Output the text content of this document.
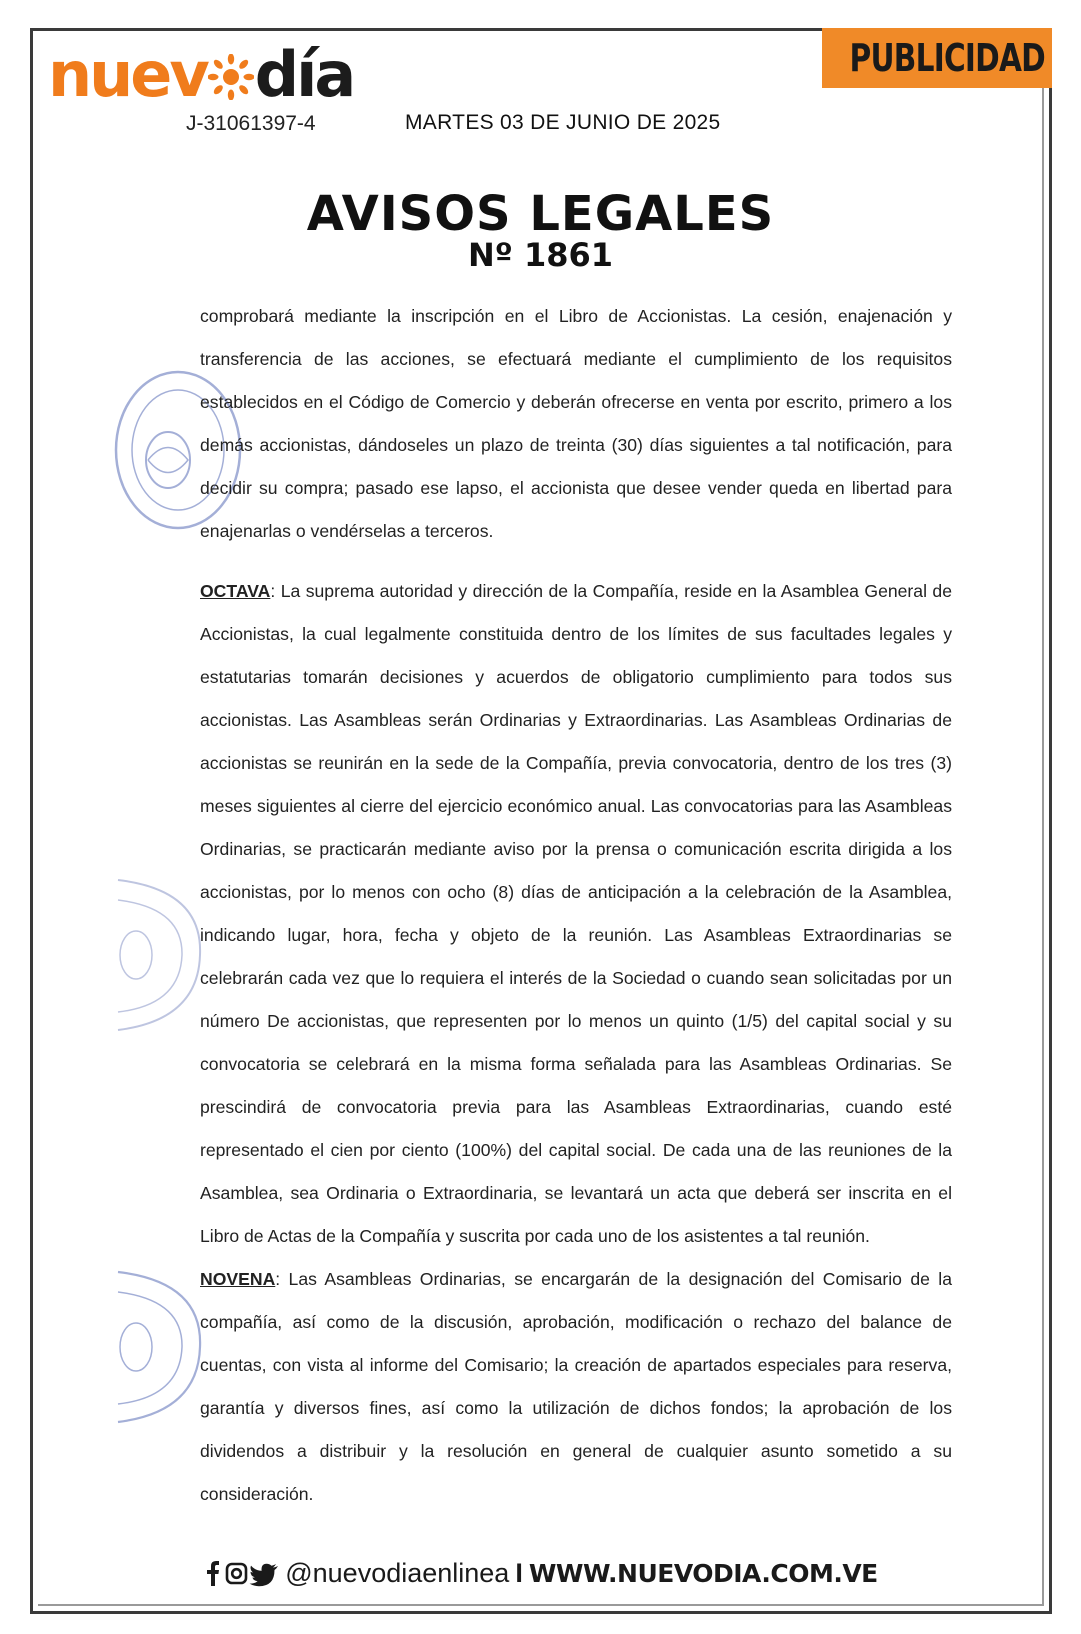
nuev día
J-31061397-4	MARTES 03 DE JUNIO DE 2025
PUBLICIDAD
AVISOS LEGALES
Nº 1861

comprobará mediante la inscripción en el Libro de Accionistas. La cesión, enajenación y transferencia de las acciones, se efectuará mediante el cumplimiento de los requisitos establecidos en el Código de Comercio y deberán ofrecerse en venta por escrito, primero a los demás accionistas, dándoseles un plazo de treinta (30) días siguientes a tal notificación, para decidir su compra; pasado ese lapso, el accionista que desee vender queda en libertad para enajenarlas o vendérselas a terceros.

OCTAVA: La suprema autoridad y dirección de la Compañía, reside en la Asamblea General de Accionistas, la cual legalmente constituida dentro de los límites de sus facultades legales y estatutarias tomarán decisiones y acuerdos de obligatorio cumplimiento para todos sus accionistas. Las Asambleas serán Ordinarias y Extraordinarias. Las Asambleas Ordinarias de accionistas se reunirán en la sede de la Compañía, previa convocatoria, dentro de los tres (3) meses siguientes al cierre del ejercicio económico anual. Las convocatorias para las Asambleas Ordinarias, se practicarán mediante aviso por la prensa o comunicación escrita dirigida a los accionistas, por lo menos con ocho (8) días de anticipación a la celebración de la Asamblea, indicando lugar, hora, fecha y objeto de la reunión. Las Asambleas Extraordinarias se celebrarán cada vez que lo requiera el interés de la Sociedad o cuando sean solicitadas por un número De accionistas, que representen por lo menos un quinto (1/5) del capital social y su convocatoria se celebrará en la misma forma señalada para las Asambleas Ordinarias. Se prescindirá de convocatoria previa para las Asambleas Extraordinarias, cuando esté representado el cien por ciento (100%) del capital social. De cada una de las reuniones de la Asamblea, sea Ordinaria o Extraordinaria, se levantará un acta que deberá ser inscrita en el Libro de Actas de la Compañía y suscrita por cada uno de los asistentes a tal reunión.

NOVENA: Las Asambleas Ordinarias, se encargarán de la designación del Comisario de la compañía, así como de la discusión, aprobación, modificación o rechazo del balance de cuentas, con vista al informe del Comisario; la creación de apartados especiales para reserva, garantía y diversos fines, así como la utilización de dichos fondos; la aprobación de los dividendos a distribuir y la resolución en general de cualquier asunto sometido a su consideración.

@nuevodiaenlinea I WWW.NUEVODIA.COM.VE
